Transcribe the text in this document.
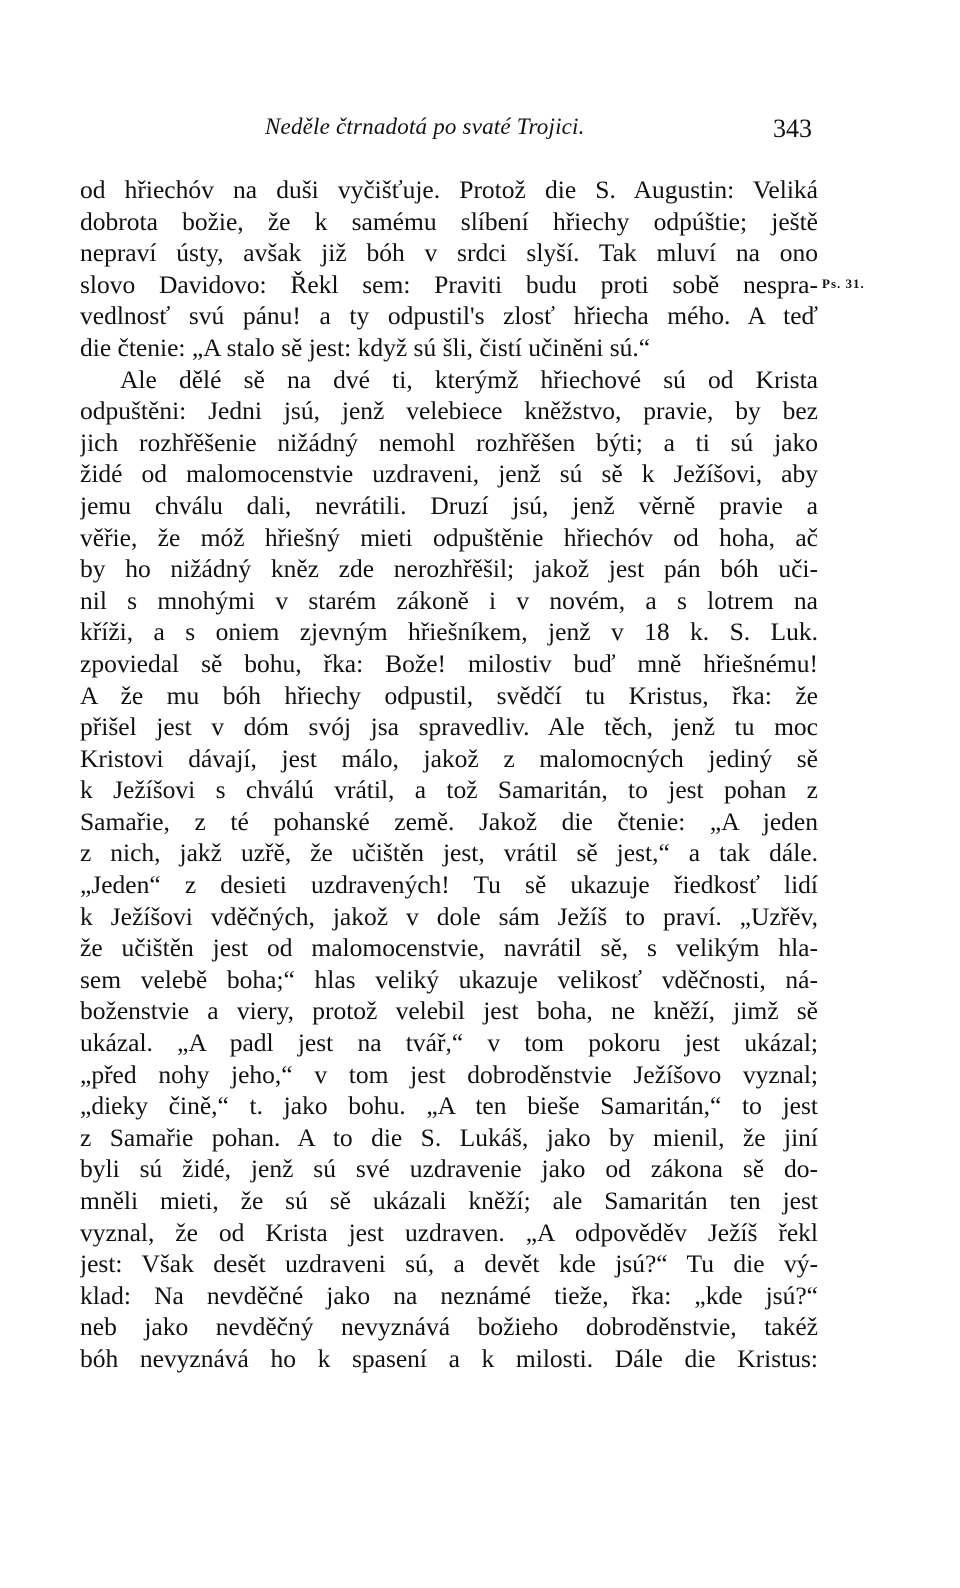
Neděle čtrnadotá po svaté Trojici.	343
Ps. 31.
od hřiechóv na duši vyčišťuje. Protož die S. Augustin: Veliká
dobrota božie, že k samému slíbení hřiechy odpúštie; ještě
nepraví ústy, avšak již bóh v srdci slyší. Tak mluví na ono
slovo Davidovo: Řekl sem: Praviti budu proti sobě nespra-
vedlnosť svú pánu! a ty odpustil's zlosť hřiecha mého. A teď
die čtenie: „A stalo sě jest: když sú šli, čistí učiněni sú.“
Ale dělé sě na dvé ti, kterýmž hřiechové sú od Krista
odpuštěni: Jedni jsú, jenž velebiece kněžstvo, pravie, by bez
jich rozhřěšenie nižádný nemohl rozhřěšen býti; a ti sú jako
židé od malomocenstvie uzdraveni, jenž sú sě k Ježíšovi, aby
jemu chválu dali, nevrátili. Druzí jsú, jenž věrně pravie a
věřie, že móž hřiešný mieti odpuštěnie hřiechóv od hoha, ač
by ho nižádný kněz zde nerozhřěšil; jakož jest pán bóh uči-
nil s mnohými v starém zákoně i v novém, a s lotrem na
kříži, a s oniem zjevným hřiešníkem, jenž v 18 k. S. Luk.
zpoviedal sě bohu, řka: Bože! milostiv buď mně hřiešnému!
A že mu bóh hřiechy odpustil, svědčí tu Kristus, řka: že
přišel jest v dóm svój jsa spravedliv. Ale těch, jenž tu moc
Kristovi dávají, jest málo, jakož z malomocných jediný sě
k Ježíšovi s chválú vrátil, a tož Samaritán, to jest pohan z
Samařie, z té pohanské země. Jakož die čtenie: „A jeden
z nich, jakž uzřě, že učištěn jest, vrátil sě jest,“ a tak dále.
„Jeden“ z desieti uzdravených! Tu sě ukazuje řiedkosť lidí
k Ježíšovi vděčných, jakož v dole sám Ježíš to praví. „Uzřěv,
že učištěn jest od malomocenstvie, navrátil sě, s velikým hla-
sem velebě boha;“ hlas veliký ukazuje velikosť vděčnosti, ná-
boženstvie a viery, protož velebil jest boha, ne kněží, jimž sě
ukázal. „A padl jest na tvář,“ v tom pokoru jest ukázal;
„před nohy jeho,“ v tom jest dobroděnstvie Ježíšovo vyznal;
„dieky čině,“ t. jako bohu. „A ten bieše Samaritán,“ to jest
z Samařie pohan. A to die S. Lukáš, jako by mienil, že jiní
byli sú židé, jenž sú své uzdravenie jako od zákona sě do-
mněli mieti, že sú sě ukázali kněží; ale Samaritán ten jest
vyznal, že od Krista jest uzdraven. „A odpověděv Ježíš řekl
jest: Však desět uzdraveni sú, a devět kde jsú?“ Tu die vý-
klad: Na nevděčné jako na neznámé tieže, řka: „kde jsú?“
neb jako nevděčný nevyznává božieho dobroděnstvie, takéž
bóh nevyznává ho k spasení a k milosti. Dále die Kristus:
